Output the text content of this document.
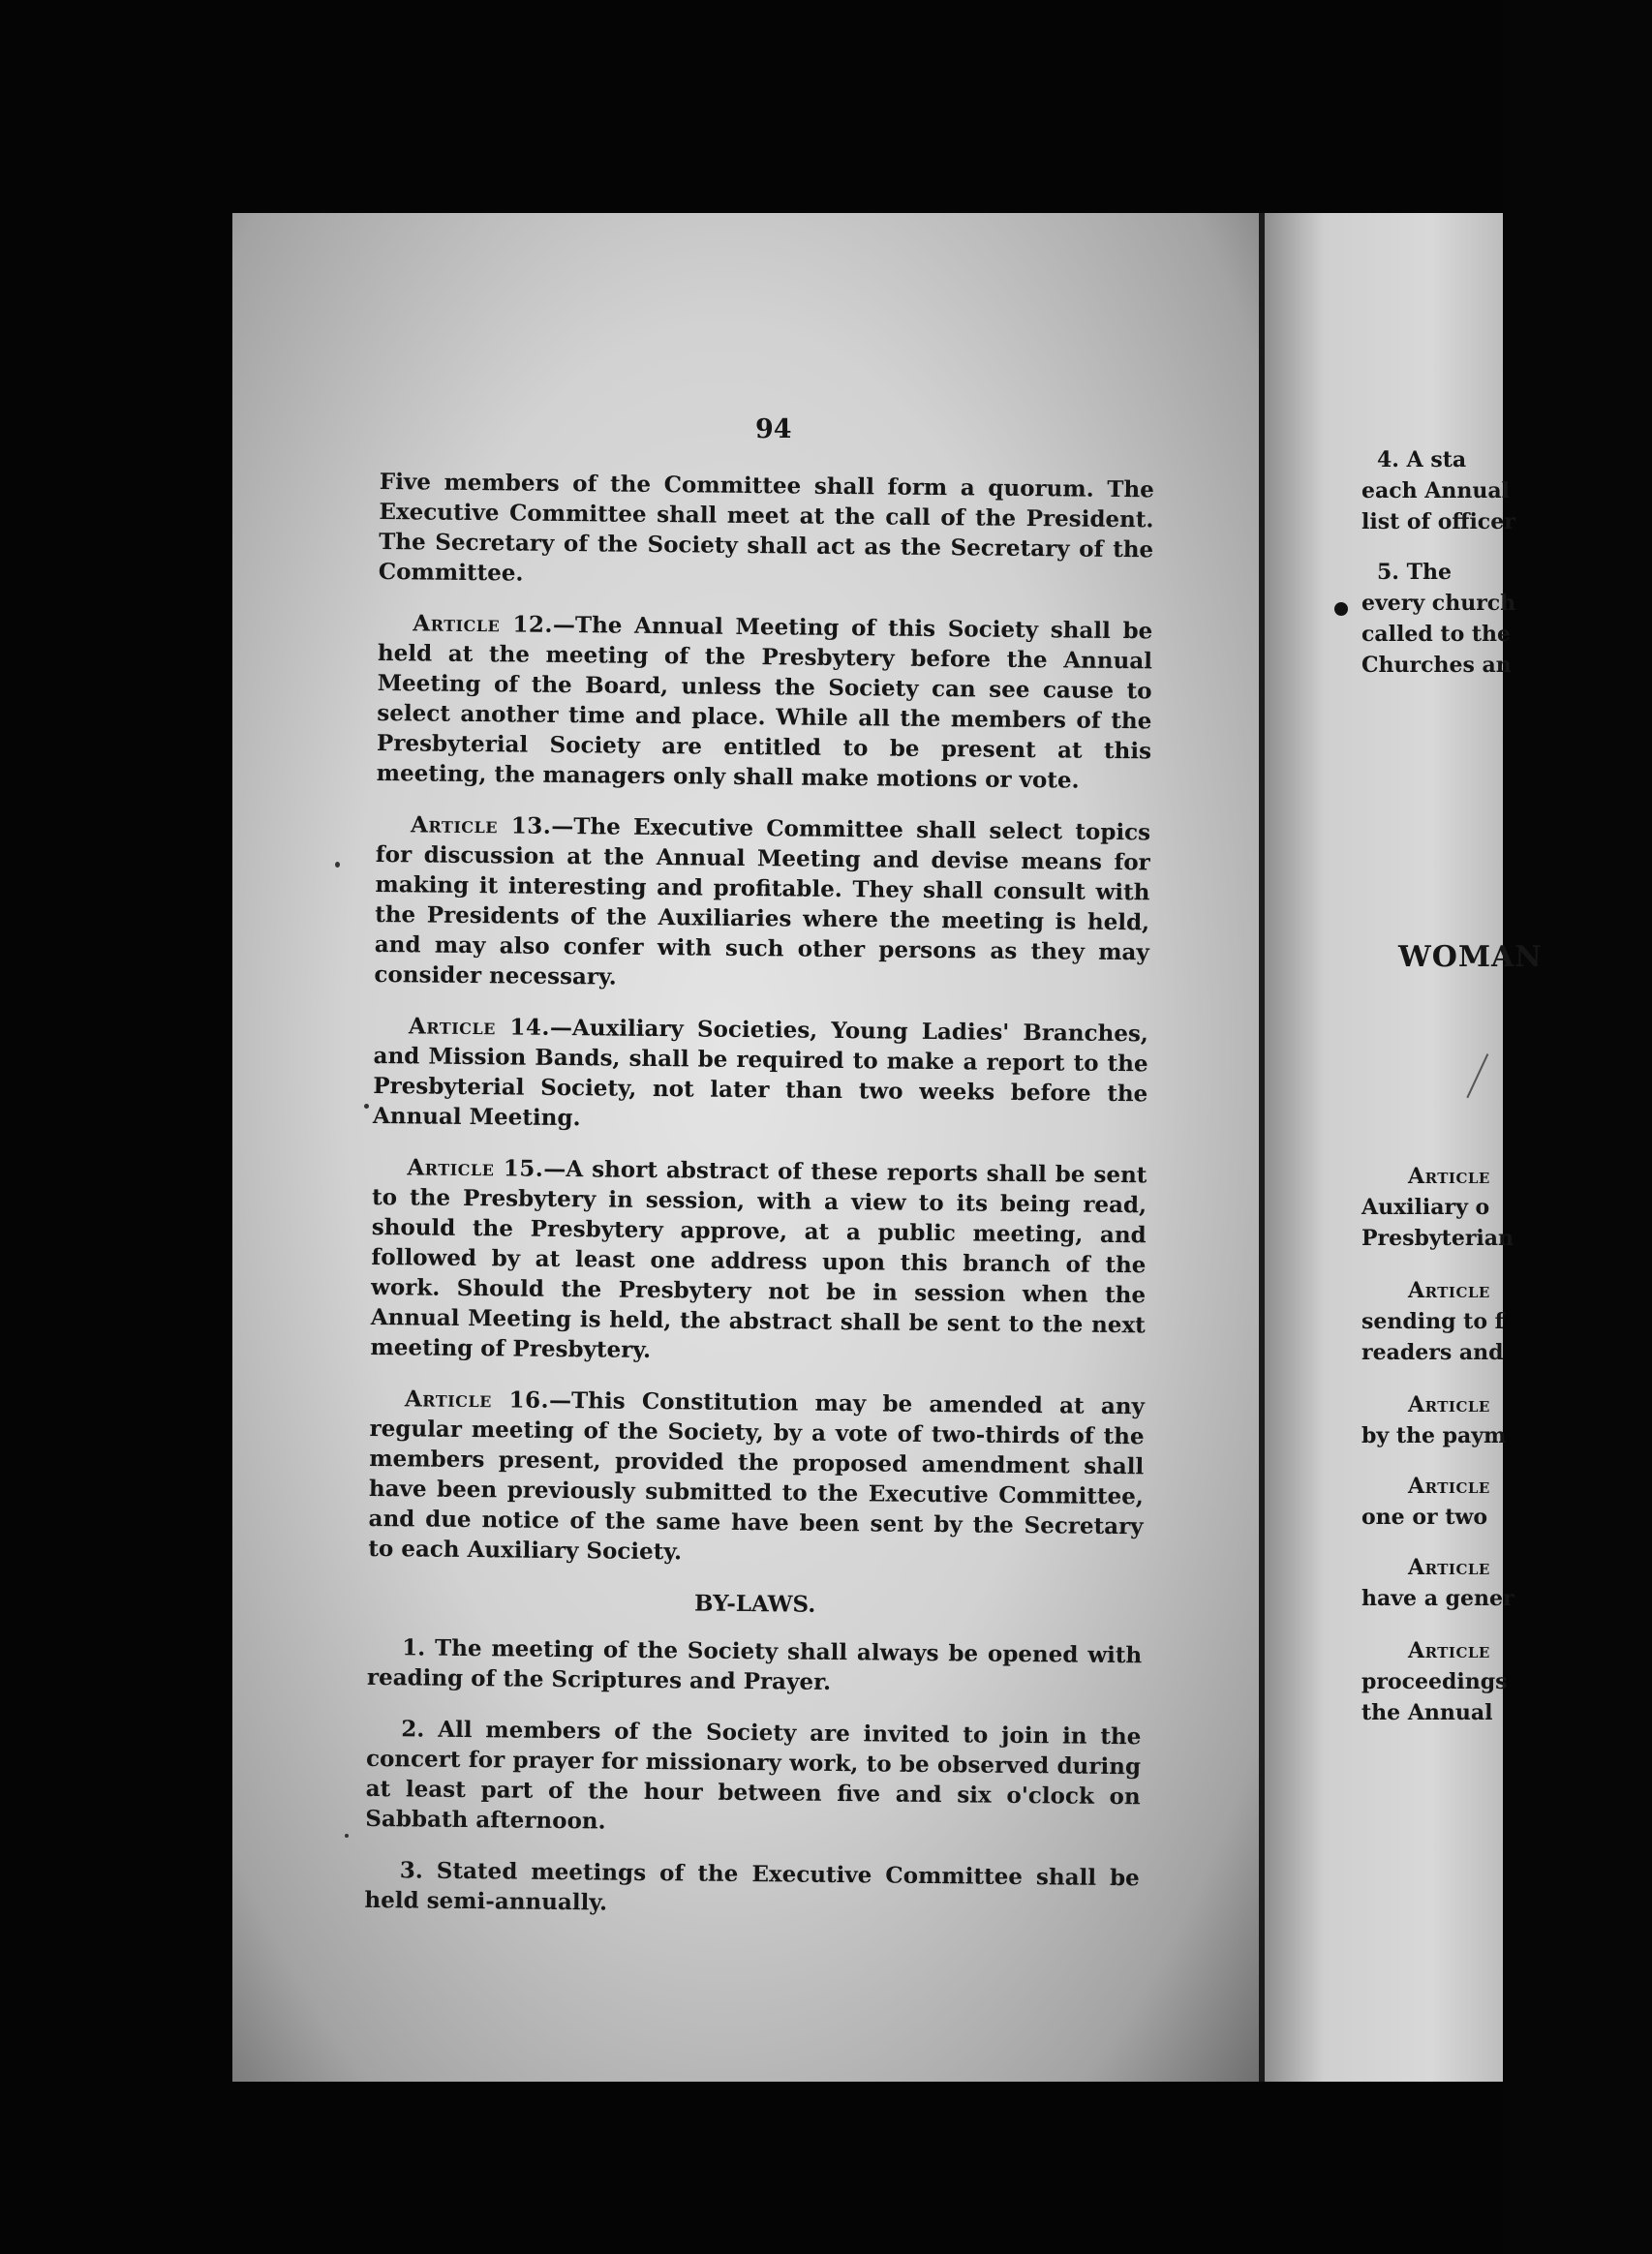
94

Five members of the Committee shall form a quorum. The Executive Committee shall meet at the call of the President. The Secretary of the Society shall act as the Secretary of the Committee.

Article 12.—The Annual Meeting of this Society shall be held at the meeting of the Presbytery before the Annual Meeting of the Board, unless the Society can see cause to select another time and place. While all the members of the Presbyterial Society are entitled to be present at this meeting, the managers only shall make motions or vote.

Article 13.—The Executive Committee shall select topics for discussion at the Annual Meeting and devise means for making it interesting and profitable. They shall consult with the Presidents of the Auxiliaries where the meeting is held, and may also confer with such other persons as they may consider necessary.

Article 14.—Auxiliary Societies, Young Ladies' Branches, and Mission Bands, shall be required to make a report to the Presbyterial Society, not later than two weeks before the Annual Meeting.

Article 15.—A short abstract of these reports shall be sent to the Presbytery in session, with a view to its being read, should the Presbytery approve, at a public meeting, and followed by at least one address upon this branch of the work. Should the Presbytery not be in session when the Annual Meeting is held, the abstract shall be sent to the next meeting of Presbytery.

Article 16.—This Constitution may be amended at any regular meeting of the Society, by a vote of two-thirds of the members present, provided the proposed amendment shall have been previously submitted to the Executive Committee, and due notice of the same have been sent by the Secretary to each Auxiliary Society.

BY-LAWS.

1. The meeting of the Society shall always be opened with reading of the Scriptures and Prayer.

2. All members of the Society are invited to join in the concert for prayer for missionary work, to be observed during at least part of the hour between five and six o'clock on Sabbath afternoon.

3. Stated meetings of the Executive Committee shall be held semi-annually.

4. A sta
each Annual
list of officer
5. The
every church
called to the
Churches an
WOMAN
Article
Auxiliary o
Presbyterian
Article
sending to f
readers and
Article
by the paym
Article
one or two
Article
have a gener
Article
proceedings
the Annual
